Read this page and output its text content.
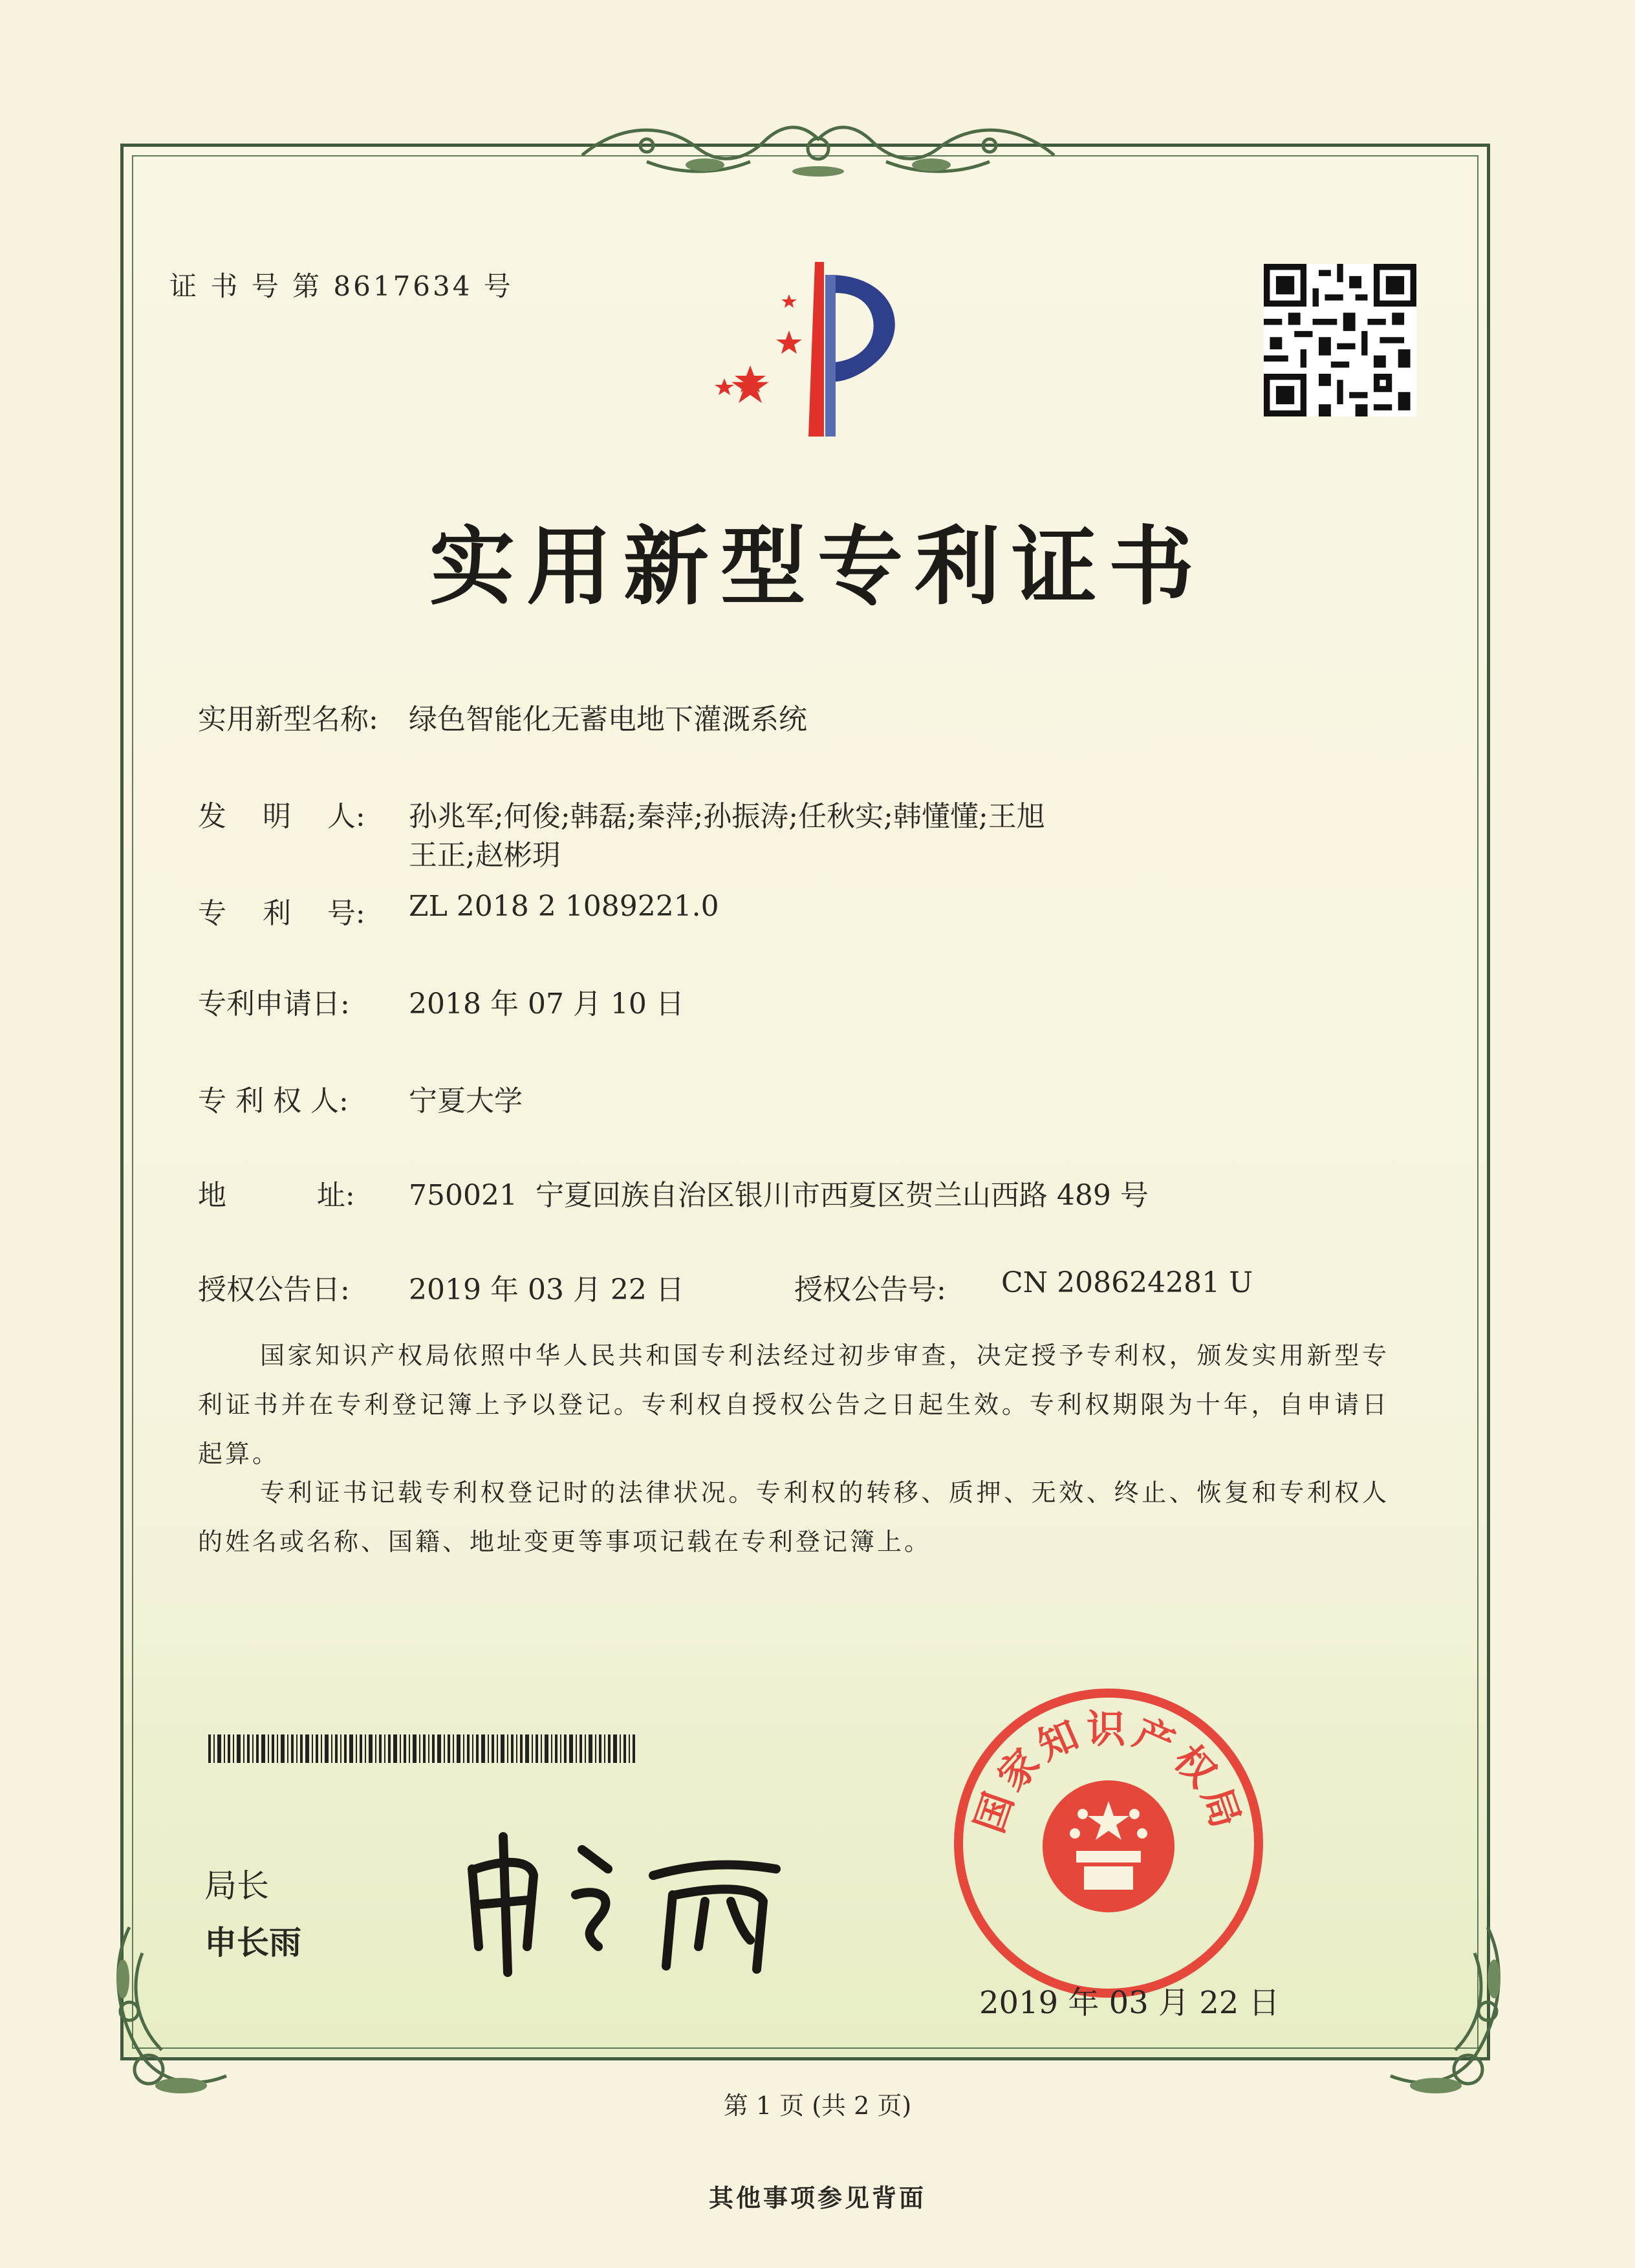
证 书 号 第 8617634 号
实用新型专利证书
实用新型名称: 绿色智能化无蓄电地下灌溉系统
发    明    人: 孙兆军;何俊;韩磊;秦萍;孙振涛;任秋实;韩懂懂;王旭
王正;赵彬玥
专    利    号: ZL 2018 2 1089221.0
专利申请日: 2018 年 07 月 10 日
专 利 权 人: 宁夏大学
地          址: 750021  宁夏回族自治区银川市西夏区贺兰山西路 489 号
授权公告日: 2019 年 03 月 22 日	授权公告号: CN 208624281 U
国家知识产权局依照中华人民共和国专利法经过初步审查，决定授予专利权，颁发实用新型专利证书并在专利登记簿上予以登记。专利权自授权公告之日起生效。专利权期限为十年，自申请日起算。
专利证书记载专利权登记时的法律状况。专利权的转移、质押、无效、终止、恢复和专利权人的姓名或名称、国籍、地址变更等事项记载在专利登记簿上。
局长
申长雨
国家知识产权局
2019 年 03 月 22 日
第 1 页 (共 2 页)
其他事项参见背面
